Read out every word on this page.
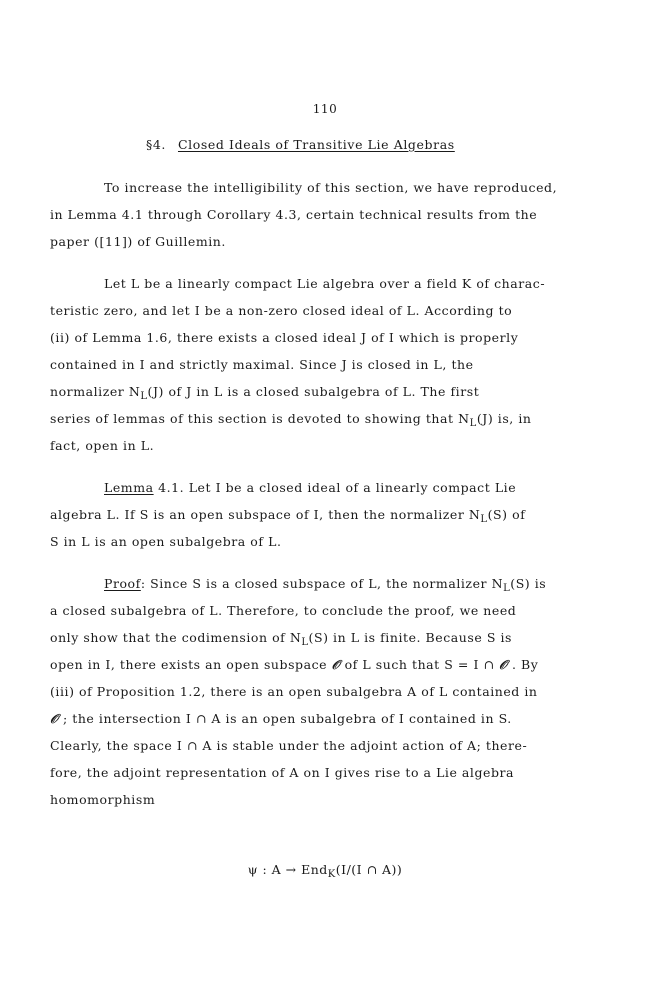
110
§4. Closed Ideals of Transitive Lie Algebras
To increase the intelligibility of this section, we have reproduced,
in Lemma 4.1 through Corollary 4.3, certain technical results from the
paper ([11]) of Guillemin.
Let L be a linearly compact Lie algebra over a field K of charac-
teristic zero, and let I be a non-zero closed ideal of L. According to
(ii) of Lemma 1.6, there exists a closed ideal J of I which is properly
contained in I and strictly maximal. Since J is closed in L, the
normalizer $N_L(J)$ of J in L is a closed subalgebra of L. The first
series of lemmas of this section is devoted to showing that $N_L(J)$ is, in
fact, open in L.
Lemma 4.1. Let I be a closed ideal of a linearly compact Lie
algebra L. If S is an open subspace of I, then the normalizer $N_L(S)$ of
S in L is an open subalgebra of L.
Proof: Since S is a closed subspace of L, the normalizer $N_L(S)$ is
a closed subalgebra of L. Therefore, to conclude the proof, we need
only show that the codimension of $N_L(S)$ in L is finite. Because S is
open in I, there exists an open subspace 𝒪 of L such that S = I ∩ 𝒪 . By
(iii) of Proposition 1.2, there is an open subalgebra A of L contained in
𝒪 ; the intersection I ∩ A is an open subalgebra of I contained in S.
Clearly, the space I ∩ A is stable under the adjoint action of A; there-
fore, the adjoint representation of A on I gives rise to a Lie algebra
homomorphism
ψ : A → End$_K$(I/(I ∩ A))
